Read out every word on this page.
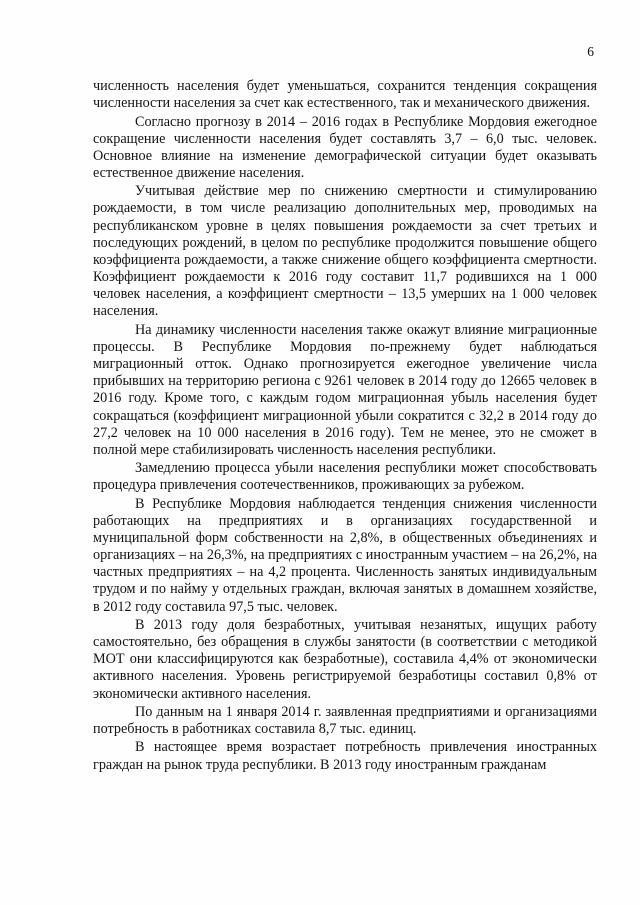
6

численность населения будет уменьшаться, сохранится тенденция сокращения численности населения за счет как естественного, так и механического движения.

Согласно прогнозу в 2014 – 2016 годах в Республике Мордовия ежегодное сокращение численности населения будет составлять 3,7 – 6,0 тыс. человек. Основное влияние на изменение демографической ситуации будет оказывать естественное движение населения.

Учитывая действие мер по снижению смертности и стимулированию рождаемости, в том числе реализацию дополнительных мер, проводимых на республиканском уровне в целях повышения рождаемости за счет третьих и последующих рождений, в целом по республике продолжится повышение общего коэффициента рождаемости, а также снижение общего коэффициента смертности. Коэффициент рождаемости к 2016 году составит 11,7 родившихся на 1 000 человек населения, а коэффициент смертности – 13,5 умерших на 1 000 человек населения.

На динамику численности населения также окажут влияние миграционные процессы. В Республике Мордовия по-прежнему будет наблюдаться миграционный отток. Однако прогнозируется ежегодное увеличение числа прибывших на территорию региона с 9261 человек в 2014 году до 12665 человек в 2016 году. Кроме того, с каждым годом миграционная убыль населения будет сокращаться (коэффициент миграционной убыли сократится с 32,2 в 2014 году до 27,2 человек на 10 000 населения в 2016 году). Тем не менее, это не сможет в полной мере стабилизировать численность населения республики.

Замедлению процесса убыли населения республики может способствовать процедура привлечения соотечественников, проживающих за рубежом.

В Республике Мордовия наблюдается тенденция снижения численности работающих на предприятиях и в организациях государственной и муниципальной форм собственности на 2,8%, в общественных объединениях и организациях – на 26,3%, на предприятиях с иностранным участием – на 26,2%, на частных предприятиях – на 4,2 процента. Численность занятых индивидуальным трудом и по найму у отдельных граждан, включая занятых в домашнем хозяйстве, в 2012 году составила 97,5 тыс. человек.

В 2013 году доля безработных, учитывая незанятых, ищущих работу самостоятельно, без обращения в службы занятости (в соответствии с методикой МОТ они классифицируются как безработные), составила 4,4% от экономически активного населения. Уровень регистрируемой безработицы составил 0,8% от экономически активного населения.

По данным на 1 января 2014 г. заявленная предприятиями и организациями потребность в работниках составила 8,7 тыс. единиц.

В настоящее время возрастает потребность привлечения иностранных граждан на рынок труда республики. В 2013 году иностранным гражданам
